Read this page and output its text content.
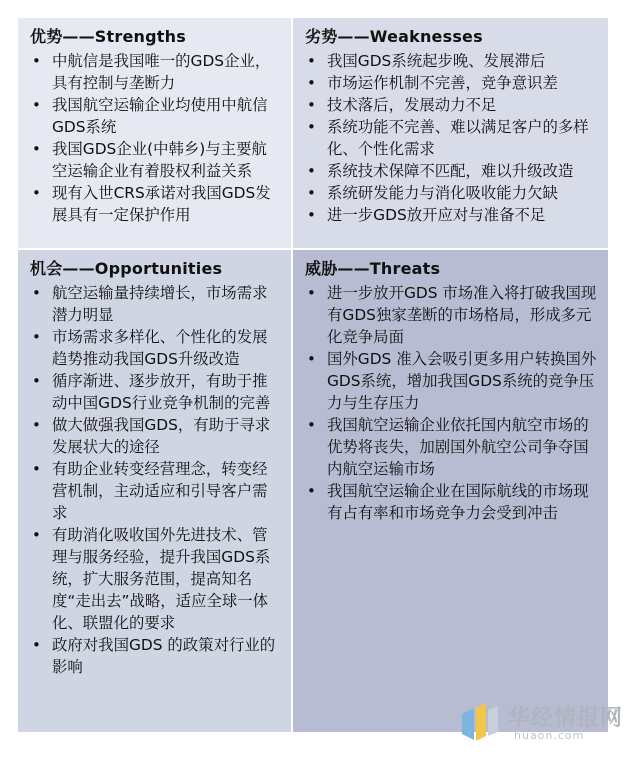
优势——Strengths
• 中航信是我国唯一的GDS企业，具有控制与垄断力
• 我国航空运输企业均使用中航信GDS系统
• 我国GDS企业(中韩乡)与主要航空运输企业有着股权利益关系
• 现有入世CRS承诺对我国GDS发展具有一定保护作用
劣势——Weaknesses
• 我国GDS系统起步晚、发展滞后
• 市场运作机制不完善，竞争意识差
• 技术落后，发展动力不足
• 系统功能不完善、难以满足客户的多样化、个性化需求
• 系统技术保障不匹配，难以升级改造
• 系统研发能力与消化吸收能力欠缺
• 进一步GDS放开应对与准备不足
机会——Opportunities
• 航空运输量持续增长，市场需求潜力明显
• 市场需求多样化、个性化的发展趋势推动我国GDS升级改造
• 循序渐进、逐步放开，有助于推动中国GDS行业竞争机制的完善
• 做大做强我国GDS，有助于寻求发展状大的途径
• 有助企业转变经营理念，转变经营机制，主动适应和引导客户需求
• 有助消化吸收国外先进技术、管理与服务经验，提升我国GDS系统，扩大服务范围，提高知名度“走出去”战略，适应全球一体化、联盟化的要求
• 政府对我国GDS 的政策对行业的影响
威胁——Threats
• 进一步放开GDS 市场准入将打破我国现有GDS独家垄断的市场格局，形成多元化竞争局面
• 国外GDS 准入会吸引更多用户转换国外GDS系统，增加我国GDS系统的竞争压力与生存压力
• 我国航空运输企业依托国内航空市场的优势将丧失，加剧国外航空公司争夺国内航空运输市场
• 我国航空运输企业在国际航线的市场现有占有率和市场竞争力会受到冲击
华经情报网
huaon.com
